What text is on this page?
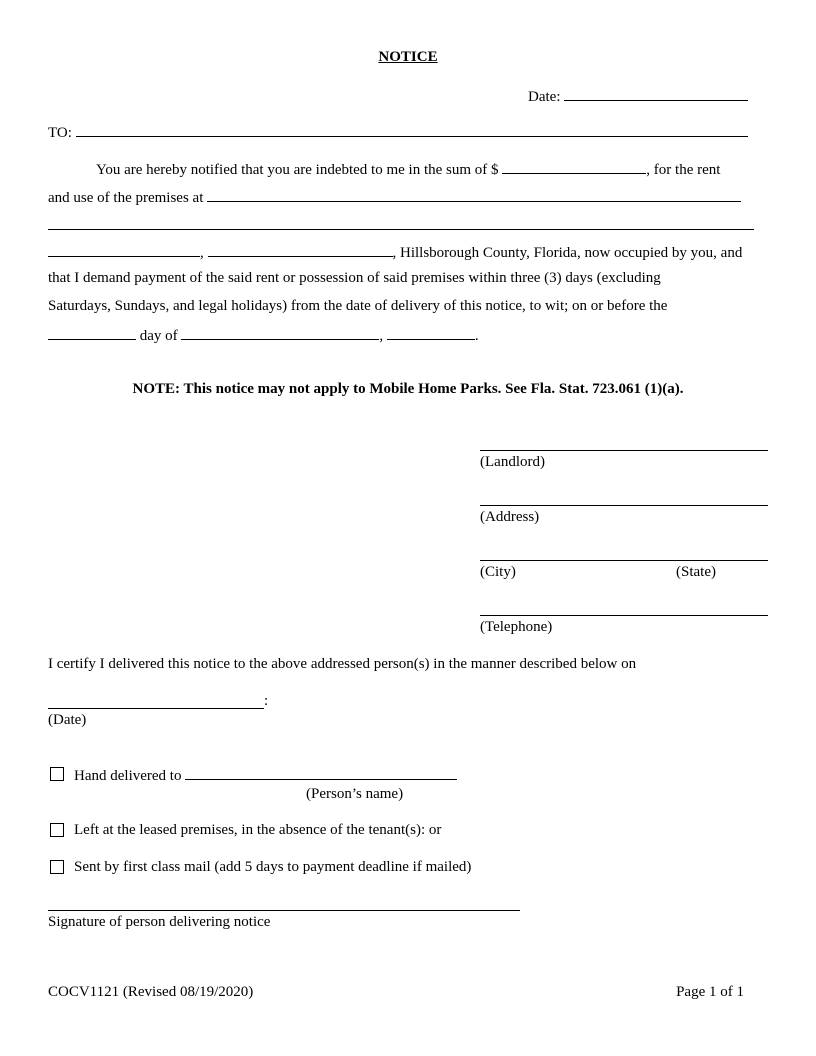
NOTICE
Date:
TO:
You are hereby notified that you are indebted to me in the sum of $	, for the rent
and use of the premises at
,	, Hillsborough County, Florida, now occupied by you, and
that I demand payment of the said rent or possession of said premises within three (3) days (excluding
Saturdays, Sundays, and legal holidays) from the date of delivery of this notice, to wit; on or before the
day of	,	.
NOTE: This notice may not apply to Mobile Home Parks. See Fla. Stat. 723.061 (1)(a).
(Landlord)
(Address)
(City)	(State)
(Telephone)
I certify I delivered this notice to the above addressed person(s) in the manner described below on
:
(Date)
Hand delivered to
(Person’s name)
Left at the leased premises, in the absence of the tenant(s): or
Sent by first class mail (add 5 days to payment deadline if mailed)
Signature of person delivering notice
COCV1121 (Revised 08/19/2020)	Page 1 of 1
